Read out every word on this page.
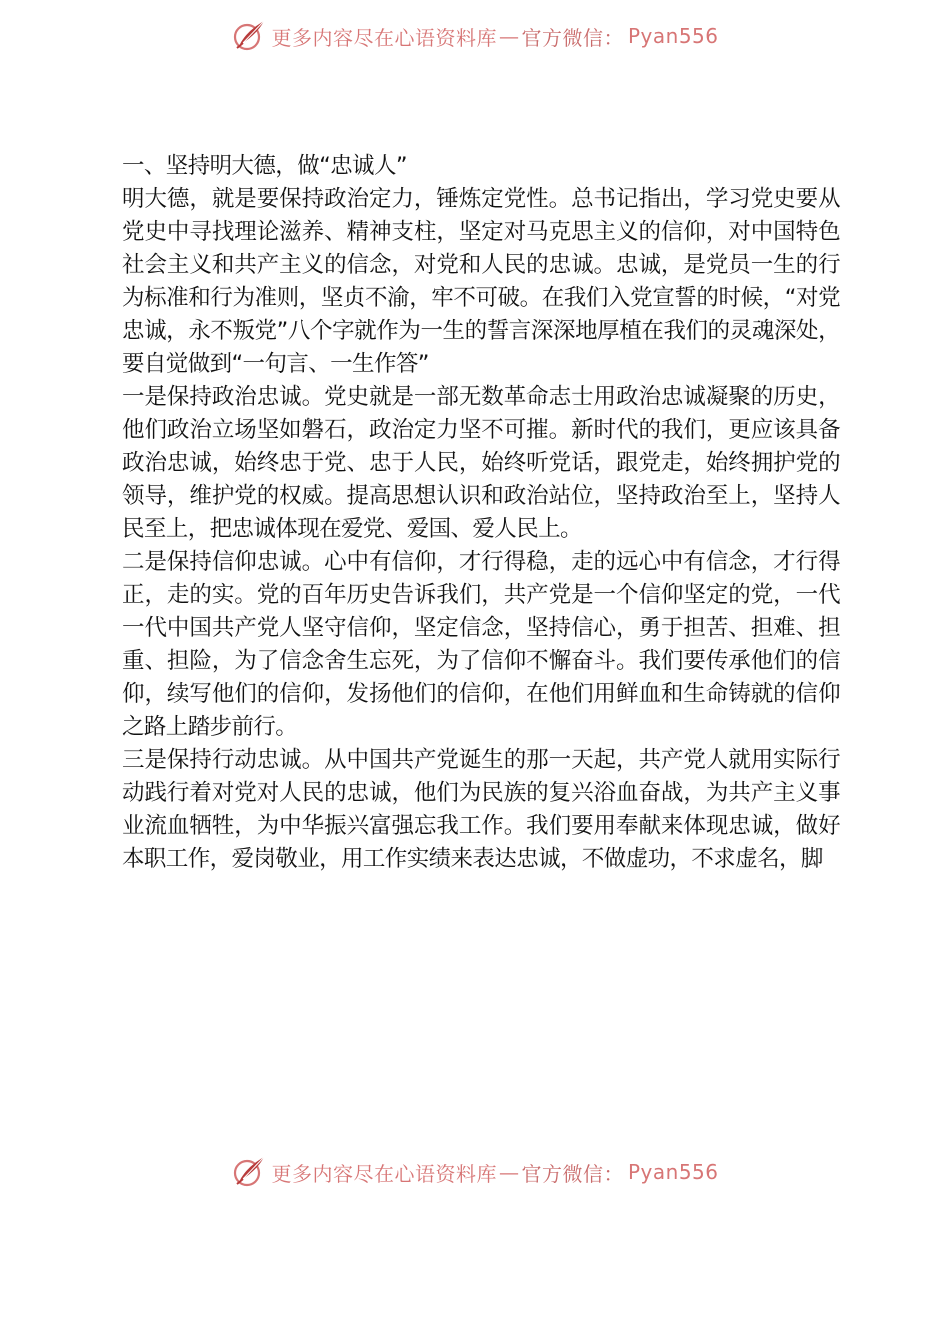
更多内容尽在心语资料库 — 官方微信： Pyan556

一、坚持明大德，做“忠诚人”

明大德，就是要保持政治定力，锤炼定党性。总书记指出，学习党史要从党史中寻找理论滋养、精神支柱，坚定对马克思主义的信仰，对中国特色社会主义和共产主义的信念，对党和人民的忠诚。忠诚，是党员一生的行为标准和行为准则，坚贞不渝，牢不可破。在我们入党宣誓的时候，“对党忠诚，永不叛党”八个字就作为一生的誓言深深地厚植在我们的灵魂深处，要自觉做到“一句言、一生作答”

一是保持政治忠诚。党史就是一部无数革命志士用政治忠诚凝聚的历史，他们政治立场坚如磐石，政治定力坚不可摧。新时代的我们，更应该具备政治忠诚，始终忠于党、忠于人民，始终听党话，跟党走，始终拥护党的领导，维护党的权威。提高思想认识和政治站位，坚持政治至上，坚持人民至上，把忠诚体现在爱党、爱国、爱人民上。

二是保持信仰忠诚。心中有信仰，才行得稳，走的远心中有信念，才行得正，走的实。党的百年历史告诉我们，共产党是一个信仰坚定的党，一代一代中国共产党人坚守信仰，坚定信念，坚持信心，勇于担苦、担难、担重、担险，为了信念舍生忘死，为了信仰不懈奋斗。我们要传承他们的信仰，续写他们的信仰，发扬他们的信仰，在他们用鲜血和生命铸就的信仰之路上踏步前行。

三是保持行动忠诚。从中国共产党诞生的那一天起，共产党人就用实际行动践行着对党对人民的忠诚，他们为民族的复兴浴血奋战，为共产主义事业流血牺牲，为中华振兴富强忘我工作。我们要用奉献来体现忠诚，做好本职工作，爱岗敬业，用工作实绩来表达忠诚，不做虚功，不求虚名，脚

更多内容尽在心语资料库 — 官方微信： Pyan556
